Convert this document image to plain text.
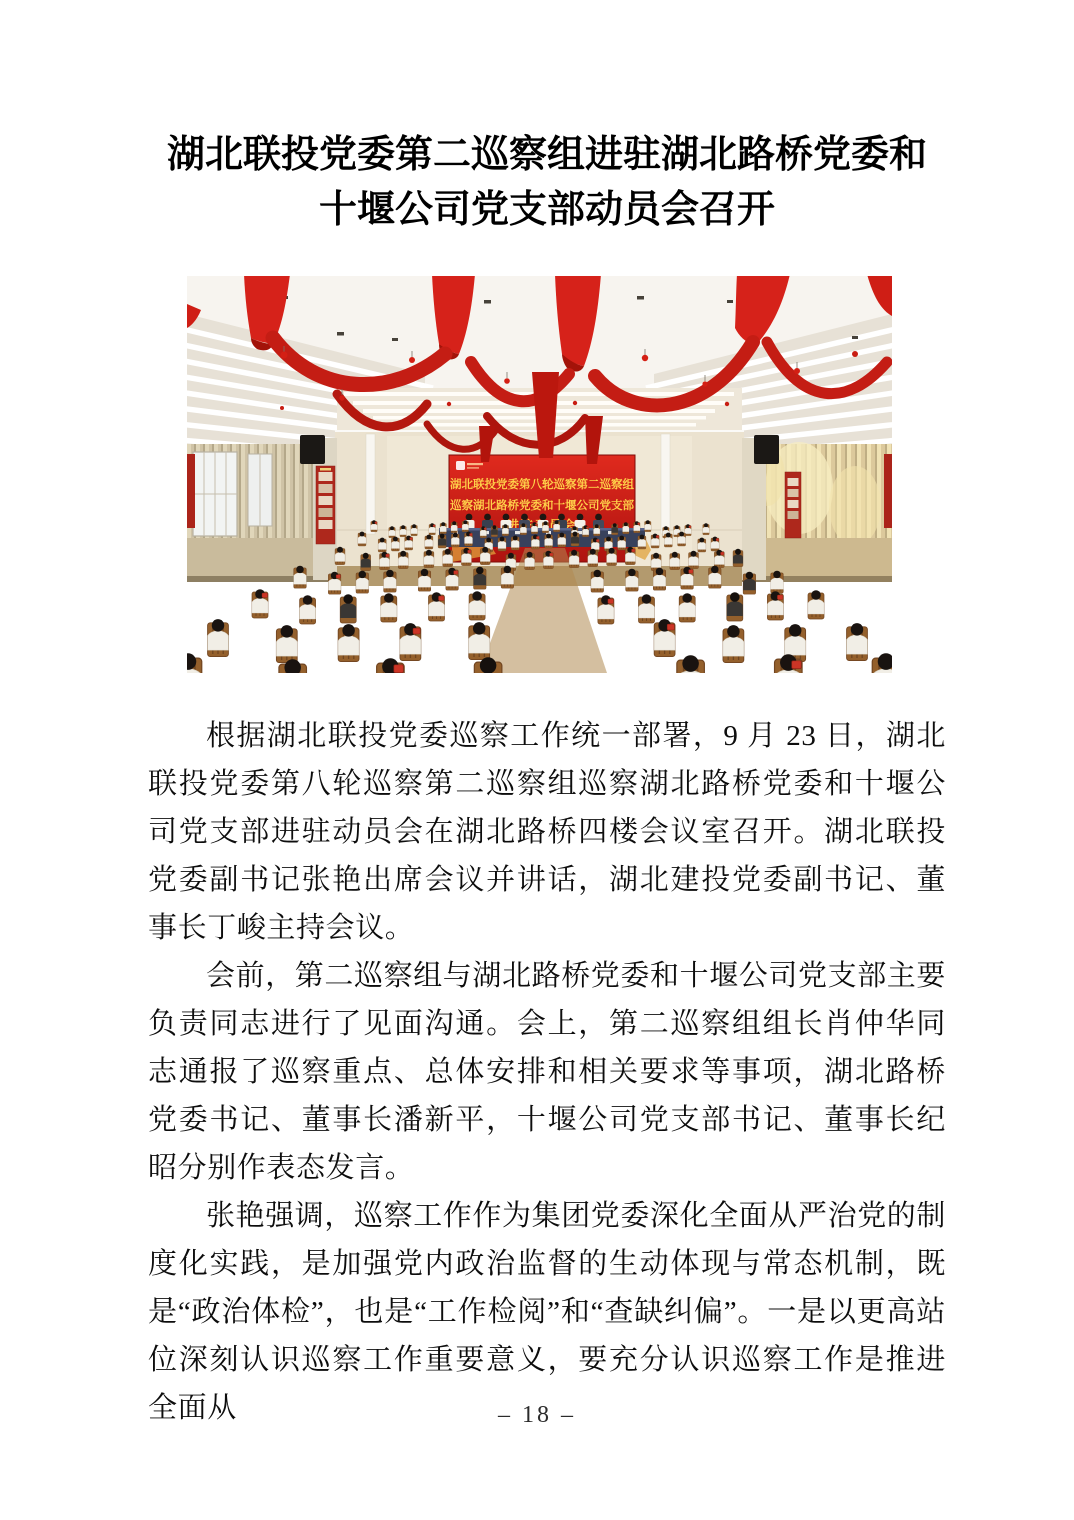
湖北联投党委第二巡察组进驻湖北路桥党委和
十堰公司党支部动员会召开
湖北联投党委第八轮巡察第二巡察组
巡察湖北路桥党委和十堰公司党支部

根据湖北联投党委巡察工作统一部署，9 月 23 日，湖北联投党委第八轮巡察第二巡察组巡察湖北路桥党委和十堰公司党支部进驻动员会在湖北路桥四楼会议室召开。湖北联投党委副书记张艳出席会议并讲话，湖北建投党委副书记、董事长丁峻主持会议。

会前，第二巡察组与湖北路桥党委和十堰公司党支部主要负责同志进行了见面沟通。会上，第二巡察组组长肖仲华同志通报了巡察重点、总体安排和相关要求等事项，湖北路桥党委书记、董事长潘新平，十堰公司党支部书记、董事长纪昭分别作表态发言。

张艳强调，巡察工作作为集团党委深化全面从严治党的制度化实践，是加强党内政治监督的生动体现与常态机制，既是“政治体检”，也是“工作检阅”和“查缺纠偏”。一是以更高站位深刻认识巡察工作重要意义，要充分认识巡察工作是推进全面从	– 18 –
